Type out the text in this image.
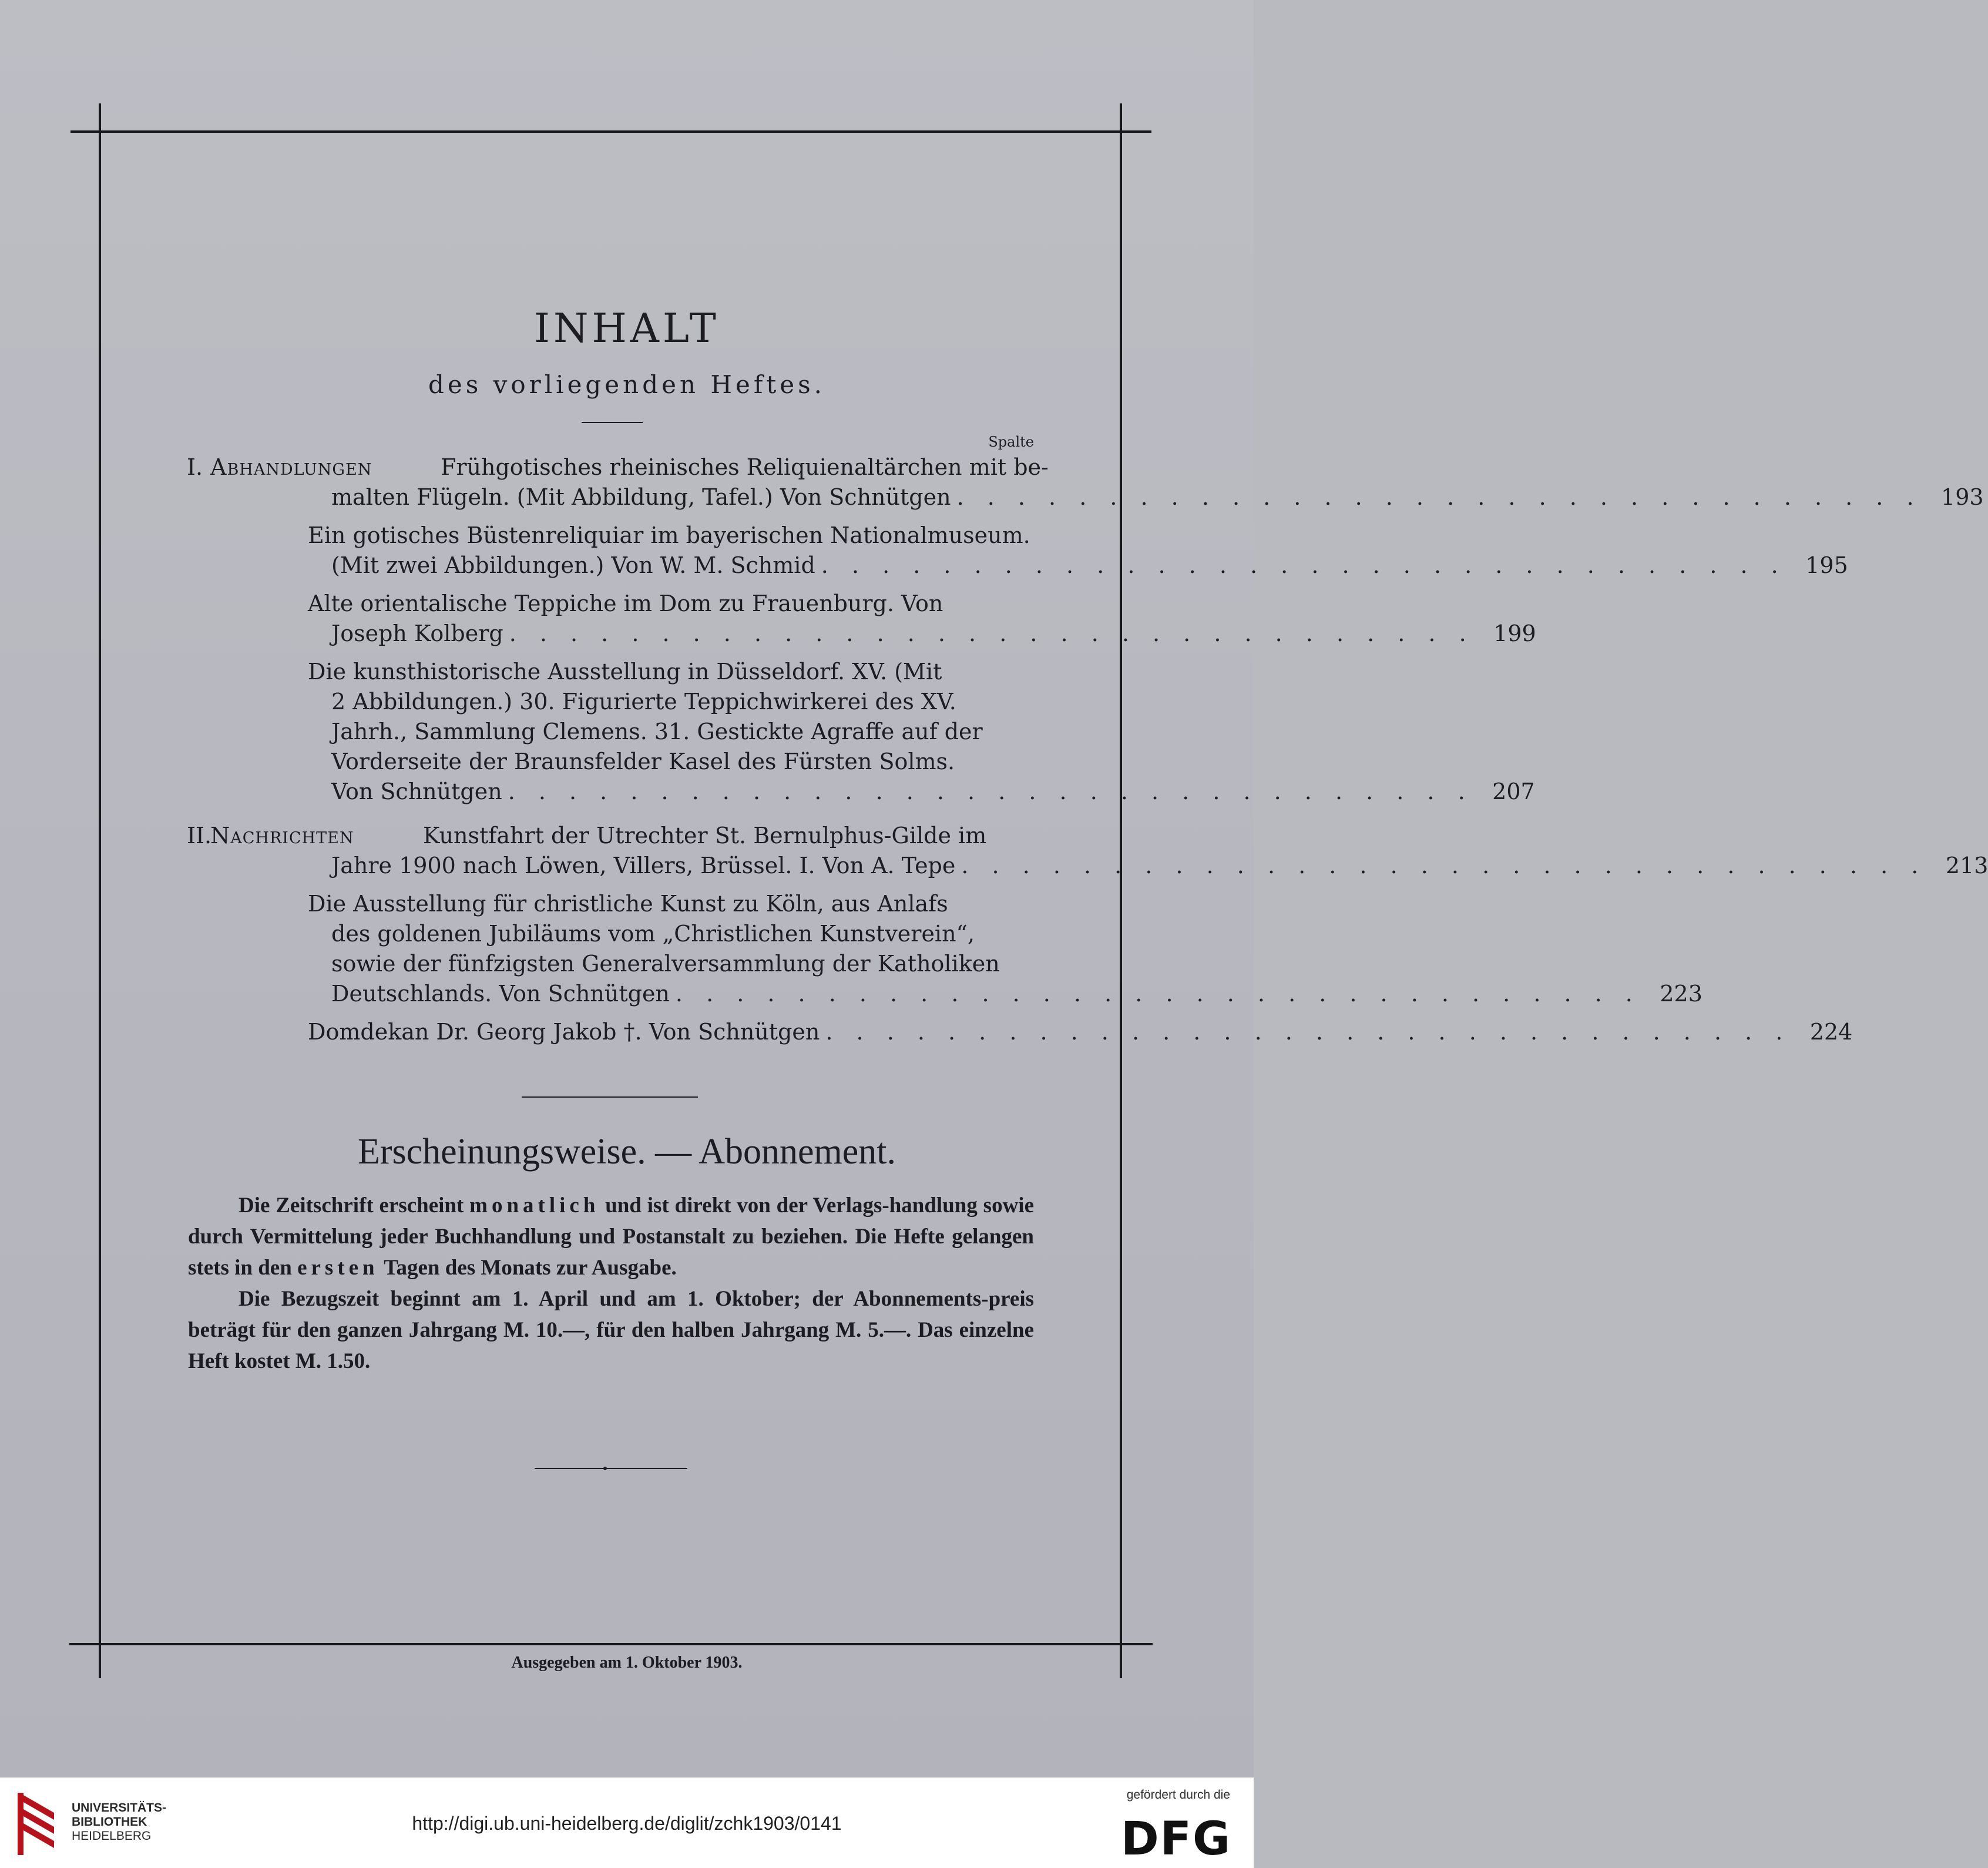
INHALT
des vorliegenden Heftes.
Spalte
I. Abhandlungen	Frühgotisches rheinisches Reliquienaltärchen mit be-
malten Flügeln. (Mit Abbildung, Tafel.) Von Schnütgen . . . . . . . . . . . . . . . . . . . . . . . . . . . . . . . . 193
Ein gotisches Büstenreliquiar im bayerischen Nationalmuseum.
(Mit zwei Abbildungen.) Von W. M. Schmid . . . . . . . . . . . . . . . . . . . . . . . . . . . . . . . . 195
Alte orientalische Teppiche im Dom zu Frauenburg. Von
Joseph Kolberg . . . . . . . . . . . . . . . . . . . . . . . . . . . . . . . . 199
Die kunsthistorische Ausstellung in Düsseldorf. XV. (Mit
2 Abbildungen.) 30. Figurierte Teppichwirkerei des XV.
Jahrh., Sammlung Clemens. 31. Gestickte Agraffe auf der
Vorderseite der Braunsfelder Kasel des Fürsten Solms.
Von Schnütgen . . . . . . . . . . . . . . . . . . . . . . . . . . . . . . . . 207
II.
Nachrichten	Kunstfahrt der Utrechter St. Bernulphus-Gilde im
Jahre 1900 nach Löwen, Villers, Brüssel. I. Von A. Tepe . . . . . . . . . . . . . . . . . . . . . . . . . . . . . . . . 213
Die Ausstellung für christliche Kunst zu Köln, aus Anlafs
des goldenen Jubiläums vom „Christlichen Kunstverein“,
sowie der fünfzigsten Generalversammlung der Katholiken
Deutschlands. Von Schnütgen . . . . . . . . . . . . . . . . . . . . . . . . . . . . . . . . 223
Domdekan Dr. Georg Jakob †. Von Schnütgen . . . . . . . . . . . . . . . . . . . . . . . . . . . . . . . . 224
Erscheinungsweise. — Abonnement.

Die Zeitschrift erscheint monatlich und ist direkt von der Verlags-handlung sowie durch Vermittelung jeder Buchhandlung und Postanstalt zu beziehen. Die Hefte gelangen stets in den ersten Tagen des Monats zur Ausgabe.

Die Bezugszeit beginnt am 1. April und am 1. Oktober; der Abonnements-preis beträgt für den ganzen Jahrgang M. 10.—, für den halben Jahrgang M. 5.—. Das einzelne Heft kostet M. 1.50.

Ausgegeben am 1. Oktober 1903.
UNIVERSITÄTS-
BIBLIOTHEK
HEIDELBERG
http://digi.ub.uni-heidelberg.de/diglit/zchk1903/0141
gefördert durch die
DFG
